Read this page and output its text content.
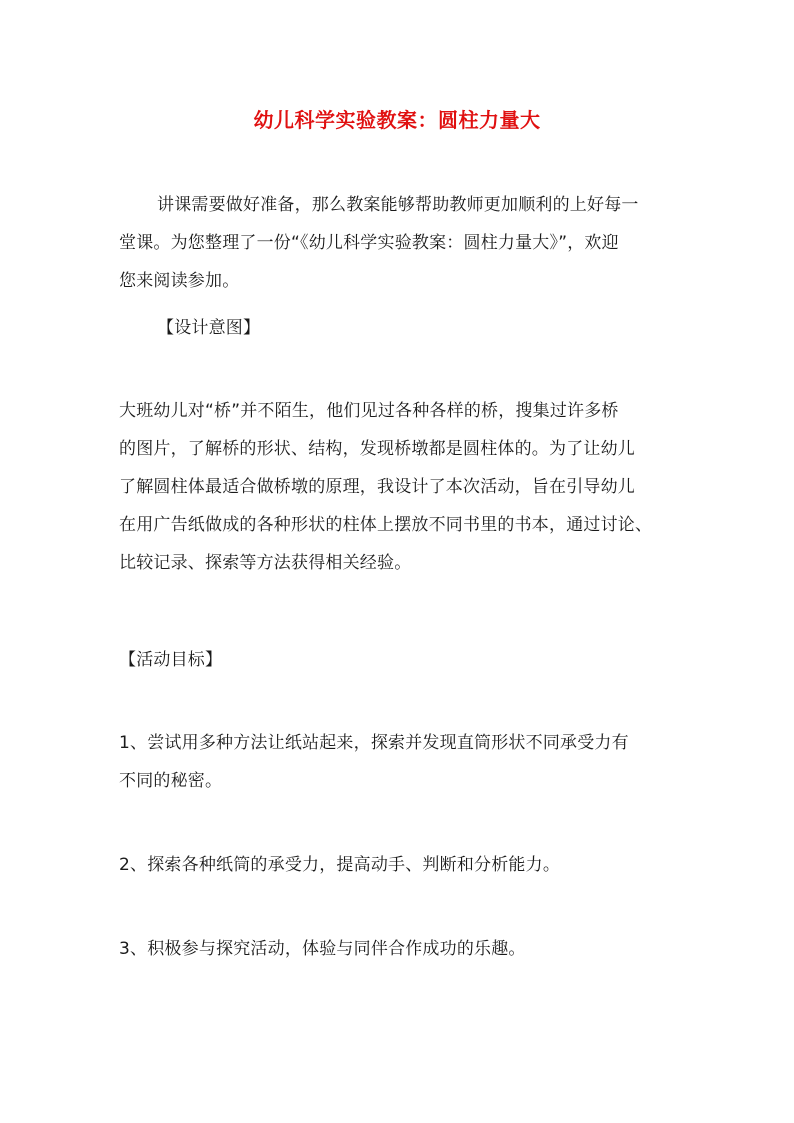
幼儿科学实验教案：圆柱力量大
讲课需要做好准备，那么教案能够帮助教师更加顺利的上好每一
堂课。为您整理了一份“《幼儿科学实验教案：圆柱力量大》”，欢迎
您来阅读参加。
【设计意图】
大班幼儿对“桥”并不陌生，他们见过各种各样的桥，搜集过许多桥
的图片，了解桥的形状、结构，发现桥墩都是圆柱体的。为了让幼儿
了解圆柱体最适合做桥墩的原理，我设计了本次活动，旨在引导幼儿
在用广告纸做成的各种形状的柱体上摆放不同书里的书本，通过讨论、
比较记录、探索等方法获得相关经验。
【活动目标】
1、尝试用多种方法让纸站起来，探索并发现直筒形状不同承受力有
不同的秘密。
2、探索各种纸筒的承受力，提高动手、判断和分析能力。
3、积极参与探究活动，体验与同伴合作成功的乐趣。
